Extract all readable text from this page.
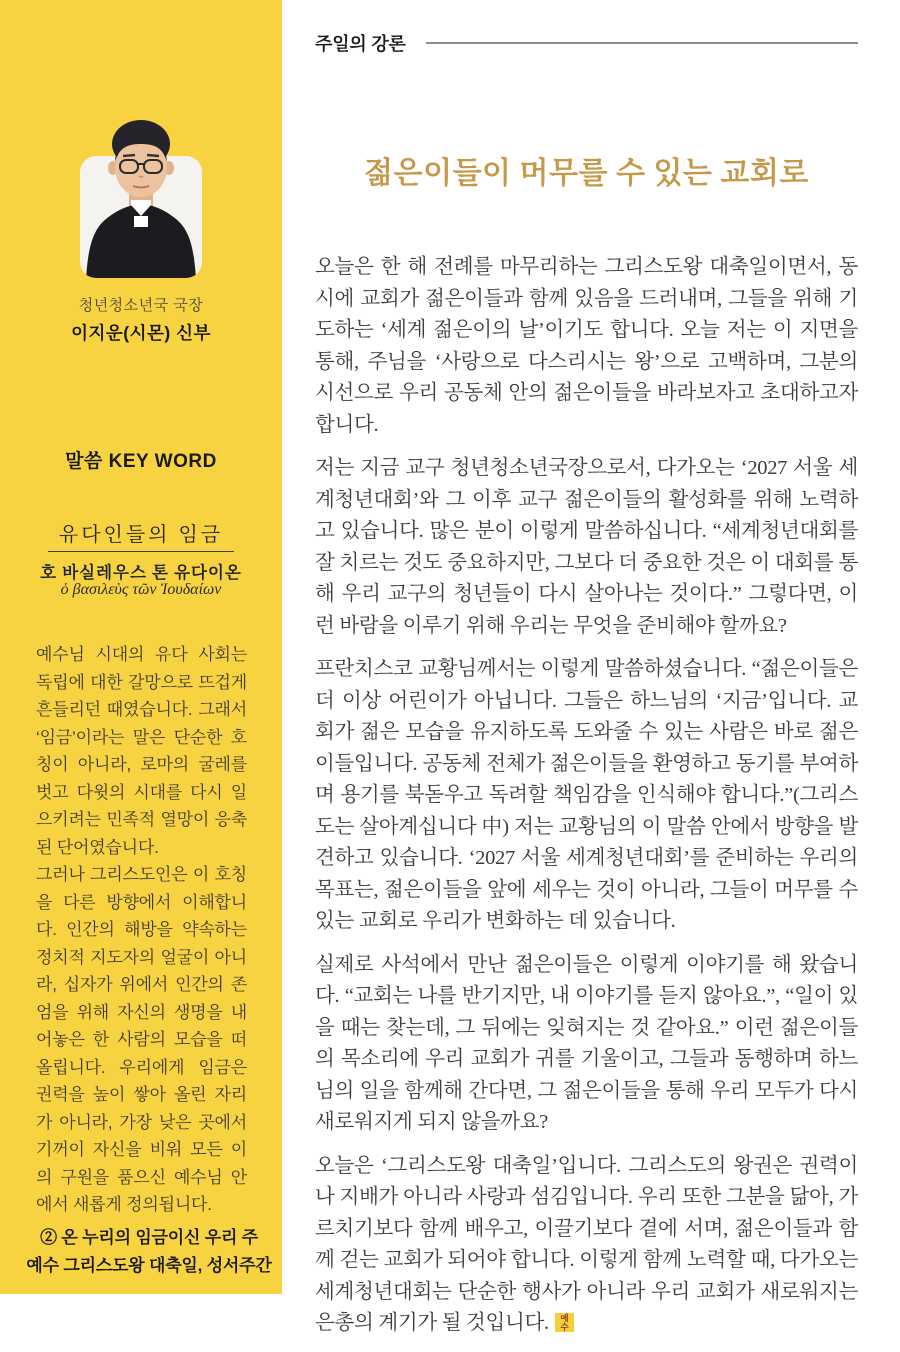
청년청소년국 국장
이지운(시몬) 신부
말씀 KEY WORD
유다인들의 임금
호 바실레우스 톤 유다이온
ὁ βασιλεὺς τῶν Ἰουδαίων

예수님 시대의 유다 사회는 독립에 대한 갈망으로 뜨겁게 흔들리던 때였습니다. 그래서 ‘임금’이라는 말은 단순한 호칭이 아니라, 로마의 굴레를 벗고 다윗의 시대를 다시 일으키려는 민족적 열망이 응축된 단어였습니다.

그러나 그리스도인은 이 호칭을 다른 방향에서 이해합니다. 인간의 해방을 약속하는 정치적 지도자의 얼굴이 아니라, 십자가 위에서 인간의 존엄을 위해 자신의 생명을 내어놓은 한 사람의 모습을 떠올립니다. 우리에게 임금은 권력을 높이 쌓아 올린 자리가 아니라, 가장 낮은 곳에서 기꺼이 자신을 비워 모든 이의 구원을 품으신 예수님 안에서 새롭게 정의됩니다.

② 온 누리의 임금이신 우리 주
예수 그리스도왕 대축일, 성서주간
주일의 강론
젊은이들이 머무를 수 있는 교회로

오늘은 한 해 전례를 마무리하는 그리스도왕 대축일이면서, 동시에 교회가 젊은이들과 함께 있음을 드러내며, 그들을 위해 기도하는 ‘세계 젊은이의 날’이기도 합니다. 오늘 저는 이 지면을 통해, 주님을 ‘사랑으로 다스리시는 왕’으로 고백하며, 그분의 시선으로 우리 공동체 안의 젊은이들을 바라보자고 초대하고자 합니다.

저는 지금 교구 청년청소년국장으로서, 다가오는 ‘2027 서울 세계청년대회’와 그 이후 교구 젊은이들의 활성화를 위해 노력하고 있습니다. 많은 분이 이렇게 말씀하십니다. “세계청년대회를 잘 치르는 것도 중요하지만, 그보다 더 중요한 것은 이 대회를 통해 우리 교구의 청년들이 다시 살아나는 것이다.” 그렇다면, 이런 바람을 이루기 위해 우리는 무엇을 준비해야 할까요?

프란치스코 교황님께서는 이렇게 말씀하셨습니다. “젊은이들은 더 이상 어린이가 아닙니다. 그들은 하느님의 ‘지금’입니다. 교회가 젊은 모습을 유지하도록 도와줄 수 있는 사람은 바로 젊은이들입니다. 공동체 전체가 젊은이들을 환영하고 동기를 부여하며 용기를 북돋우고 독려할 책임감을 인식해야 합니다.”(그리스도는 살아계십니다 中) 저는 교황님의 이 말씀 안에서 방향을 발견하고 있습니다. ‘2027 서울 세계청년대회’를 준비하는 우리의 목표는, 젊은이들을 앞에 세우는 것이 아니라, 그들이 머무를 수 있는 교회로 우리가 변화하는 데 있습니다.

실제로 사석에서 만난 젊은이들은 이렇게 이야기를 해 왔습니다. “교회는 나를 반기지만, 내 이야기를 듣지 않아요.”, “일이 있을 때는 찾는데, 그 뒤에는 잊혀지는 것 같아요.” 이런 젊은이들의 목소리에 우리 교회가 귀를 기울이고, 그들과 동행하며 하느님의 일을 함께해 간다면, 그 젊은이들을 통해 우리 모두가 다시 새로워지게 되지 않을까요?

오늘은 ‘그리스도왕 대축일’입니다. 그리스도의 왕권은 권력이나 지배가 아니라 사랑과 섬김입니다. 우리 또한 그분을 닮아, 가르치기보다 함께 배우고, 이끌기보다 곁에 서며, 젊은이들과 함께 걷는 교회가 되어야 합니다. 이렇게 함께 노력할 때, 다가오는 세계청년대회는 단순한 행사가 아니라 우리 교회가 새로워지는 은총의 계기가 될 것입니다. 예수
